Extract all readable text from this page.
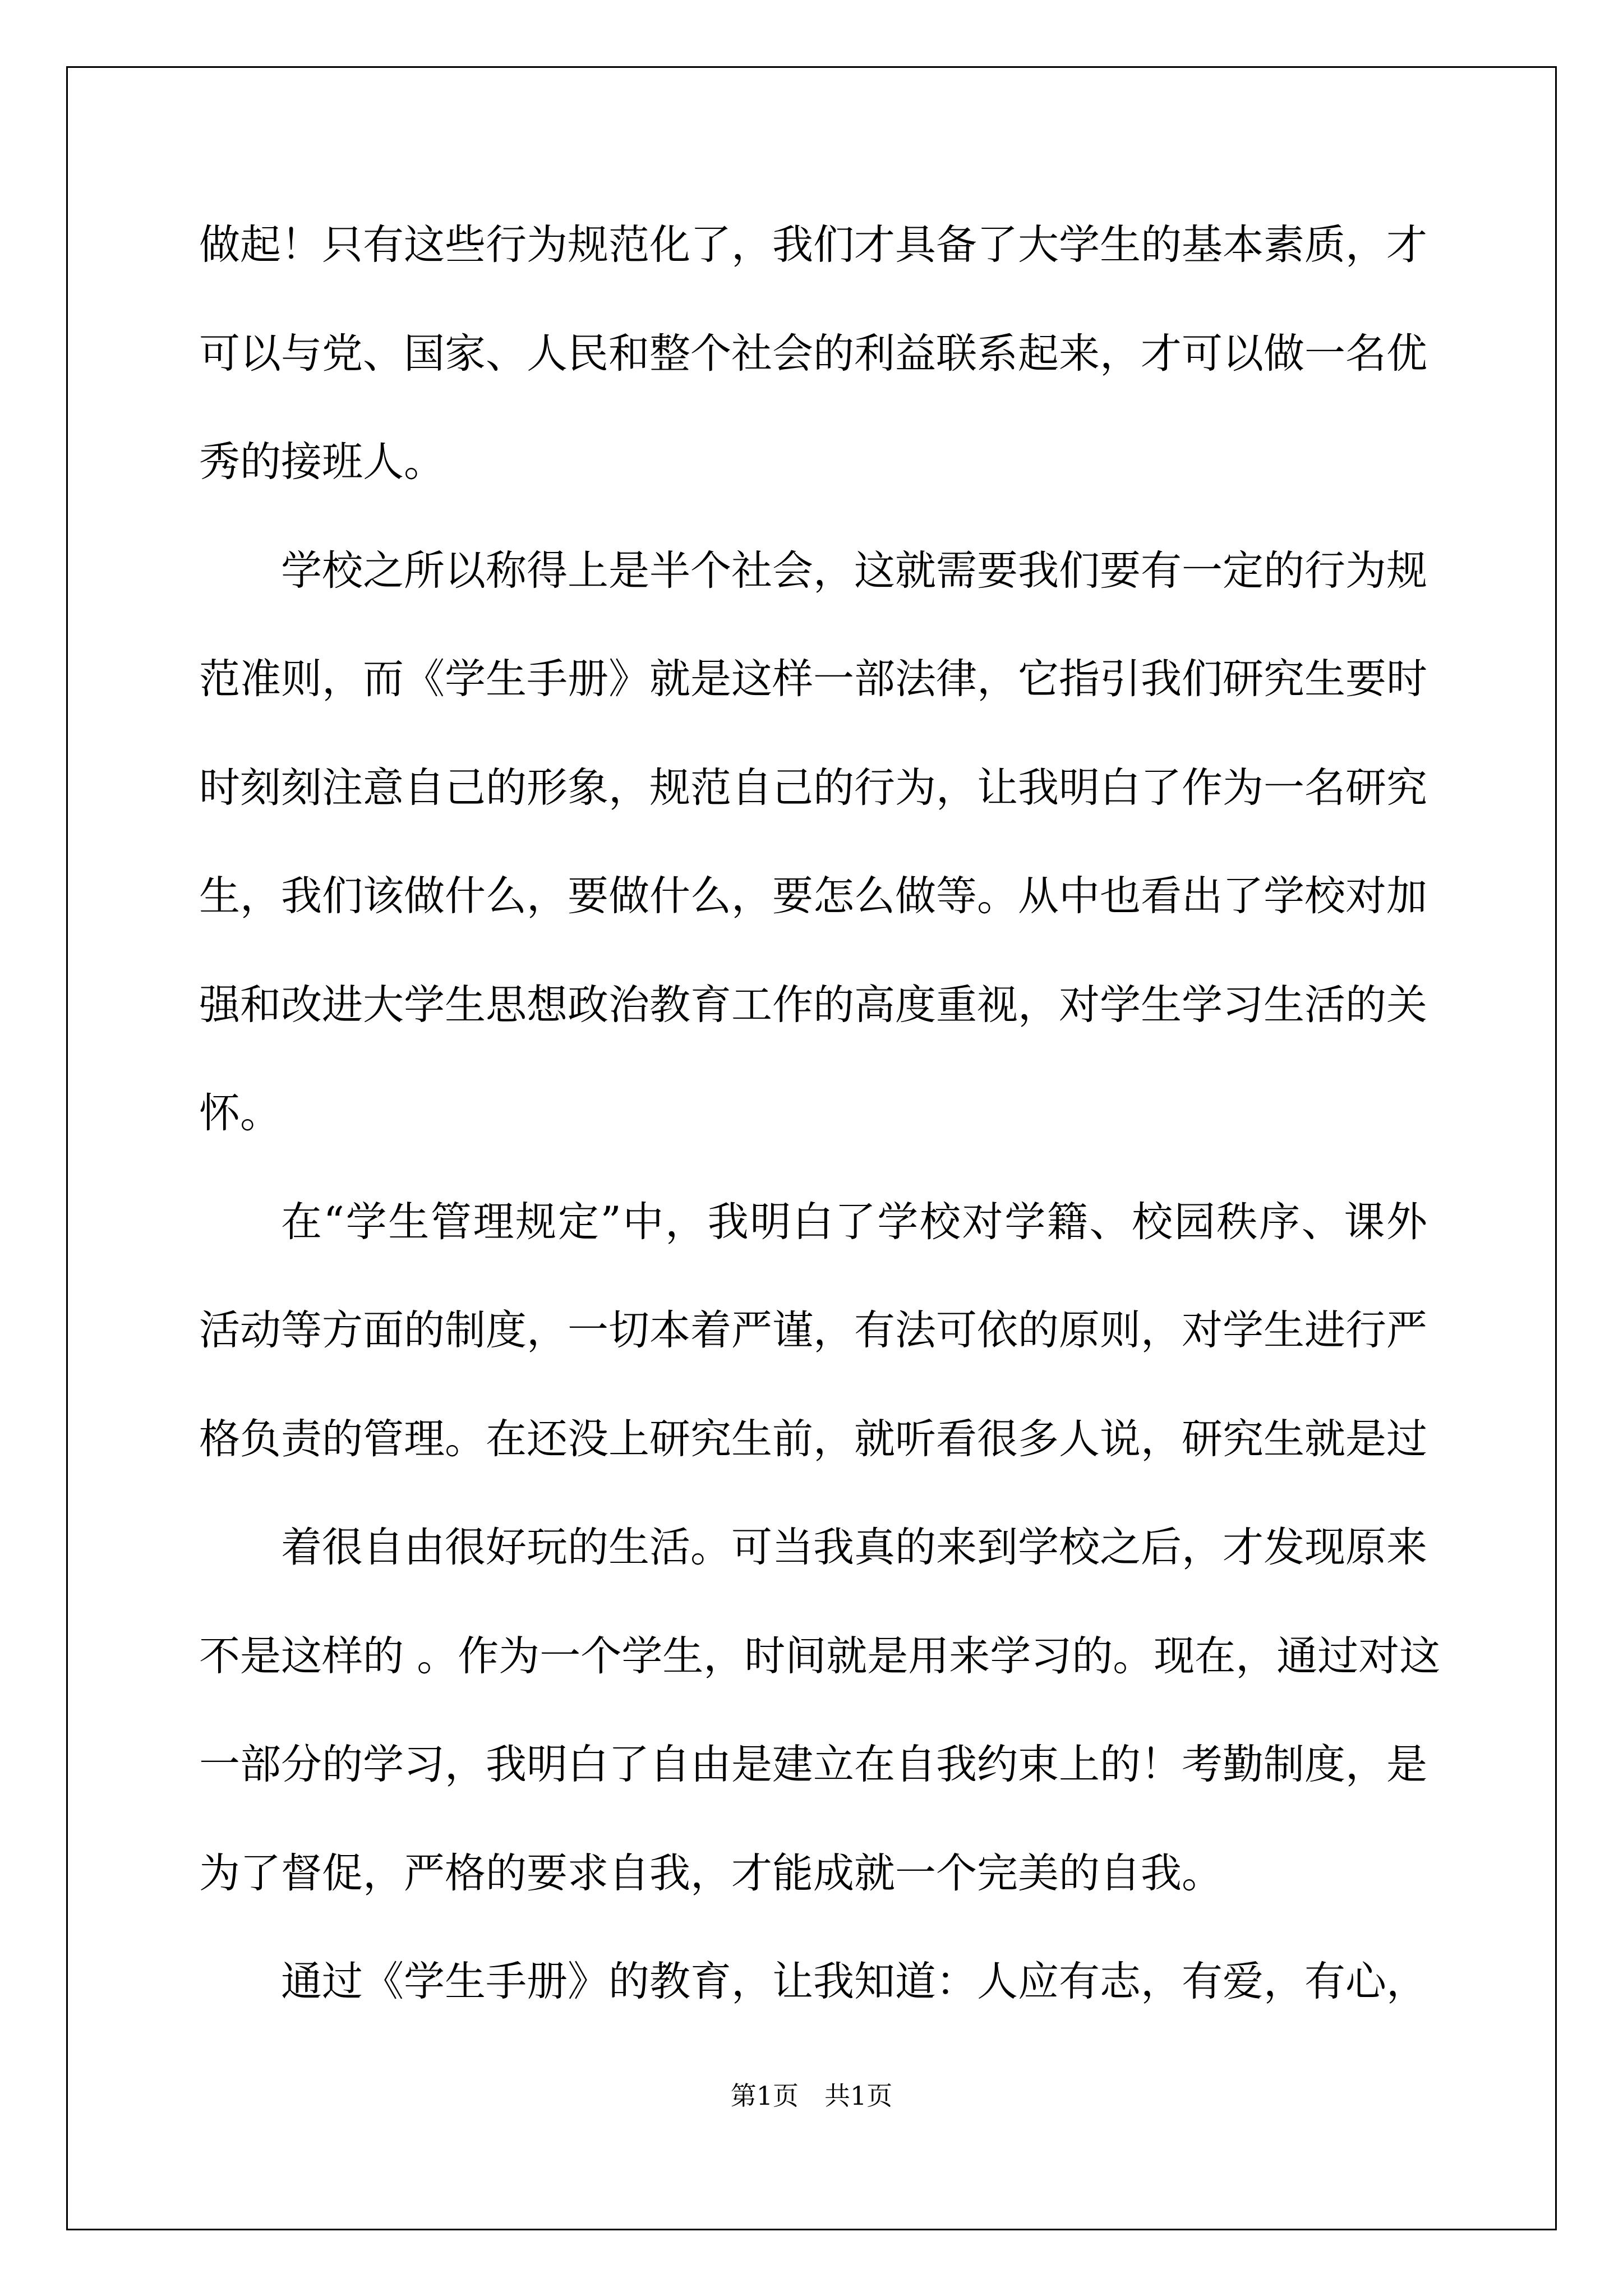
做起！只有这些行为规范化了，我们才具备了大学生的基本素质，才
可以与党、国家、人民和整个社会的利益联系起来，才可以做一名优
秀的接班人。
学校之所以称得上是半个社会，这就需要我们要有一定的行为规
范准则，而《学生手册》就是这样一部法律，它指引我们研究生要时
时刻刻注意自己的形象，规范自己的行为，让我明白了作为一名研究
生，我们该做什么，要做什么，要怎么做等。从中也看出了学校对加
强和改进大学生思想政治教育工作的高度重视，对学生学习生活的关
怀。
在“学生管理规定”中，我明白了学校对学籍、校园秩序、课外
活动等方面的制度，一切本着严谨，有法可依的原则，对学生进行严
格负责的管理。在还没上研究生前，就听看很多人说，研究生就是过
着很自由很好玩的生活。可当我真的来到学校之后，才发现原来
不是这样的 。作为一个学生，时间就是用来学习的。现在，通过对这
一部分的学习，我明白了自由是建立在自我约束上的！考勤制度，是
为了督促，严格的要求自我，才能成就一个完美的自我。
通过《学生手册》的教育，让我知道：人应有志，有爱，有心，
第1页 共1页
